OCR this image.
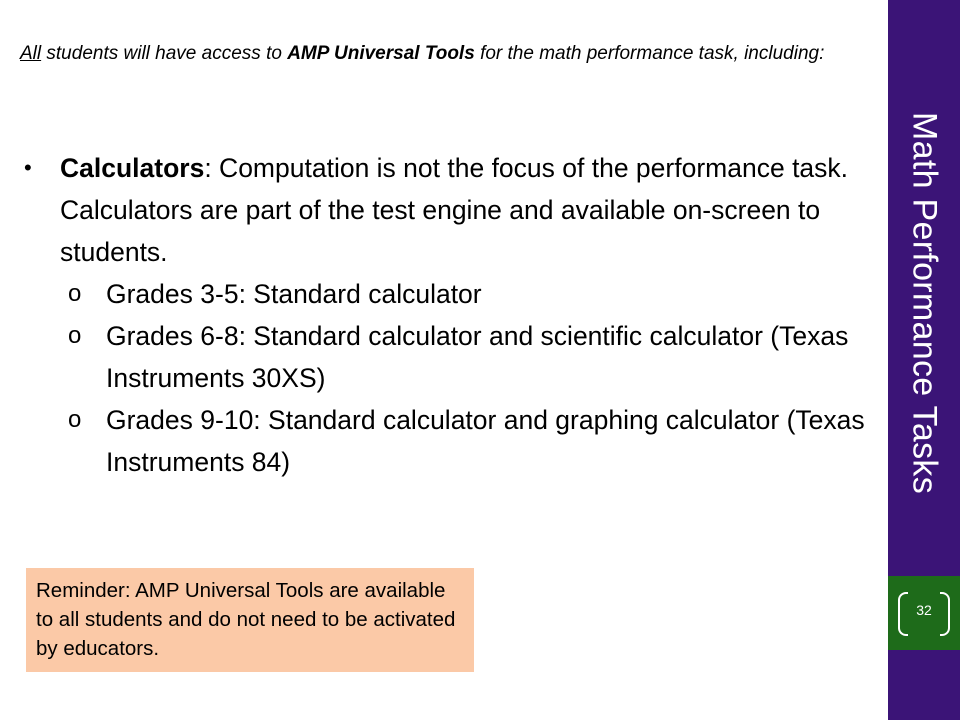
All students will have access to AMP Universal Tools for the math performance task, including:
• Calculators: Computation is not the focus of the performance task. Calculators are part of the test engine and available on-screen to students.
o Grades 3-5: Standard calculator
o Grades 6-8: Standard calculator and scientific calculator (Texas Instruments 30XS)
o Grades 9-10: Standard calculator and graphing calculator (Texas Instruments 84)
Reminder: AMP Universal Tools are available to all students and do not need to be activated by educators.
Math Performance Tasks
32
